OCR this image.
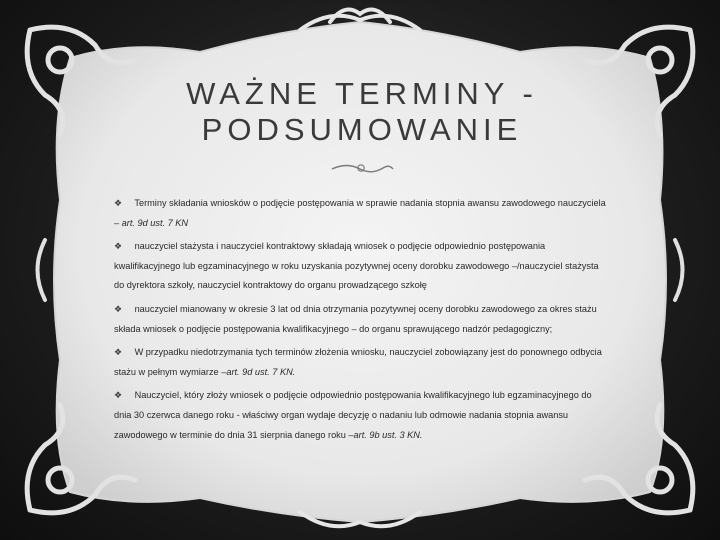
WAŻNE TERMINY -
PODSUMOWANIE
❖ Terminy składania wniosków o podjęcie postępowania w sprawie nadania stopnia awansu zawodowego nauczyciela – art. 9d ust. 7 KN
❖ nauczyciel stażysta i nauczyciel kontraktowy składają wniosek o podjęcie odpowiednio postępowania kwalifikacyjnego lub egzaminacyjnego w roku uzyskania pozytywnej oceny dorobku zawodowego –/nauczyciel stażysta do dyrektora szkoły, nauczyciel kontraktowy do organu prowadzącego szkołę
❖ nauczyciel mianowany w okresie 3 lat od dnia otrzymania pozytywnej oceny dorobku zawodowego za okres stażu składa wniosek o podjęcie postępowania kwalifikacyjnego – do organu sprawującego nadzór pedagogiczny;
❖ W przypadku niedotrzymania tych terminów złożenia wniosku, nauczyciel zobowiązany jest do ponownego odbycia stażu w pełnym wymiarze –art. 9d ust. 7 KN.
❖ Nauczyciel, który złoży wniosek o podjęcie odpowiednio postępowania kwalifikacyjnego lub egzaminacyjnego do dnia 30 czerwca danego roku - właściwy organ wydaje decyzję o nadaniu lub odmowie nadania stopnia awansu zawodowego w terminie do dnia 31 sierpnia danego roku –art. 9b ust. 3 KN.
